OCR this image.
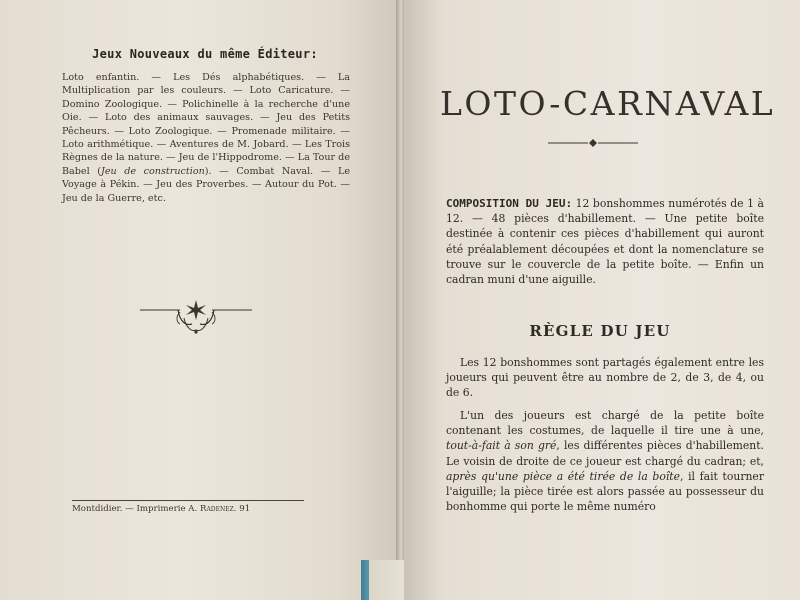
Jeux Nouveaux du même Éditeur:
Loto enfantin. — Les Dés alphabétiques. — La Multiplication par les couleurs. — Loto Caricature. — Domino Zoologique. — Polichinelle à la recherche d'une Oie. — Loto des animaux sauvages. — Jeu des Petits Pêcheurs. — Loto Zoologique. — Promenade militaire. — Loto arithmétique. — Aventures de M. Jobard. — Les Trois Règnes de la nature. — Jeu de l'Hippodrome. — La Tour de Babel (Jeu de construction). — Combat Naval. — Le Voyage à Pékin. — Jeu des Proverbes. — Autour du Pot. — Jeu de la Guerre, etc.
Montdidier. — Imprimerie A. Radenez. 91
LOTO-CARNAVAL
COMPOSITION DU JEU: 12 bonshommes numérotés de 1 à 12. — 48 pièces d'habillement. — Une petite boîte destinée à contenir ces pièces d'habillement qui auront été préalablement découpées et dont la nomenclature se trouve sur le couvercle de la petite boîte. — Enfin un cadran muni d'une aiguille.
RÈGLE DU JEU
Les 12 bonshommes sont partagés également entre les joueurs qui peuvent être au nombre de 2, de 3, de 4, ou de 6.
L'un des joueurs est chargé de la petite boîte contenant les costumes, de laquelle il tire une à une, tout-à-fait à son gré, les différentes pièces d'habillement. Le voisin de droite de ce joueur est chargé du cadran; et, après qu'une pièce a été tirée de la boîte, il fait tourner l'aiguille; la pièce tirée est alors passée au possesseur du bonhomme qui porte le même numéro
